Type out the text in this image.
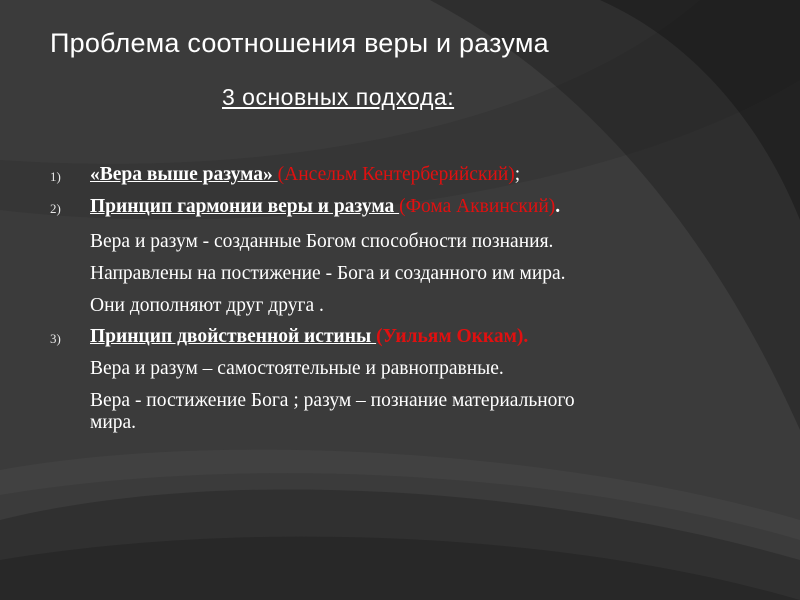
Проблема соотношения веры и разума
3 основных подхода:
1) «Вера выше разума» (Ансельм Кентерберийский);
2) Принцип гармонии веры и разума (Фома Аквинский).
Вера и разум - созданные Богом способности познания.
Направлены на постижение - Бога и созданного им мира.
Они дополняют друг друга .
3) Принцип двойственной истины (Уильям Оккам).
Вера и разум – самостоятельные и равноправные.
Вера - постижение Бога ; разум – познание материального
мира.
